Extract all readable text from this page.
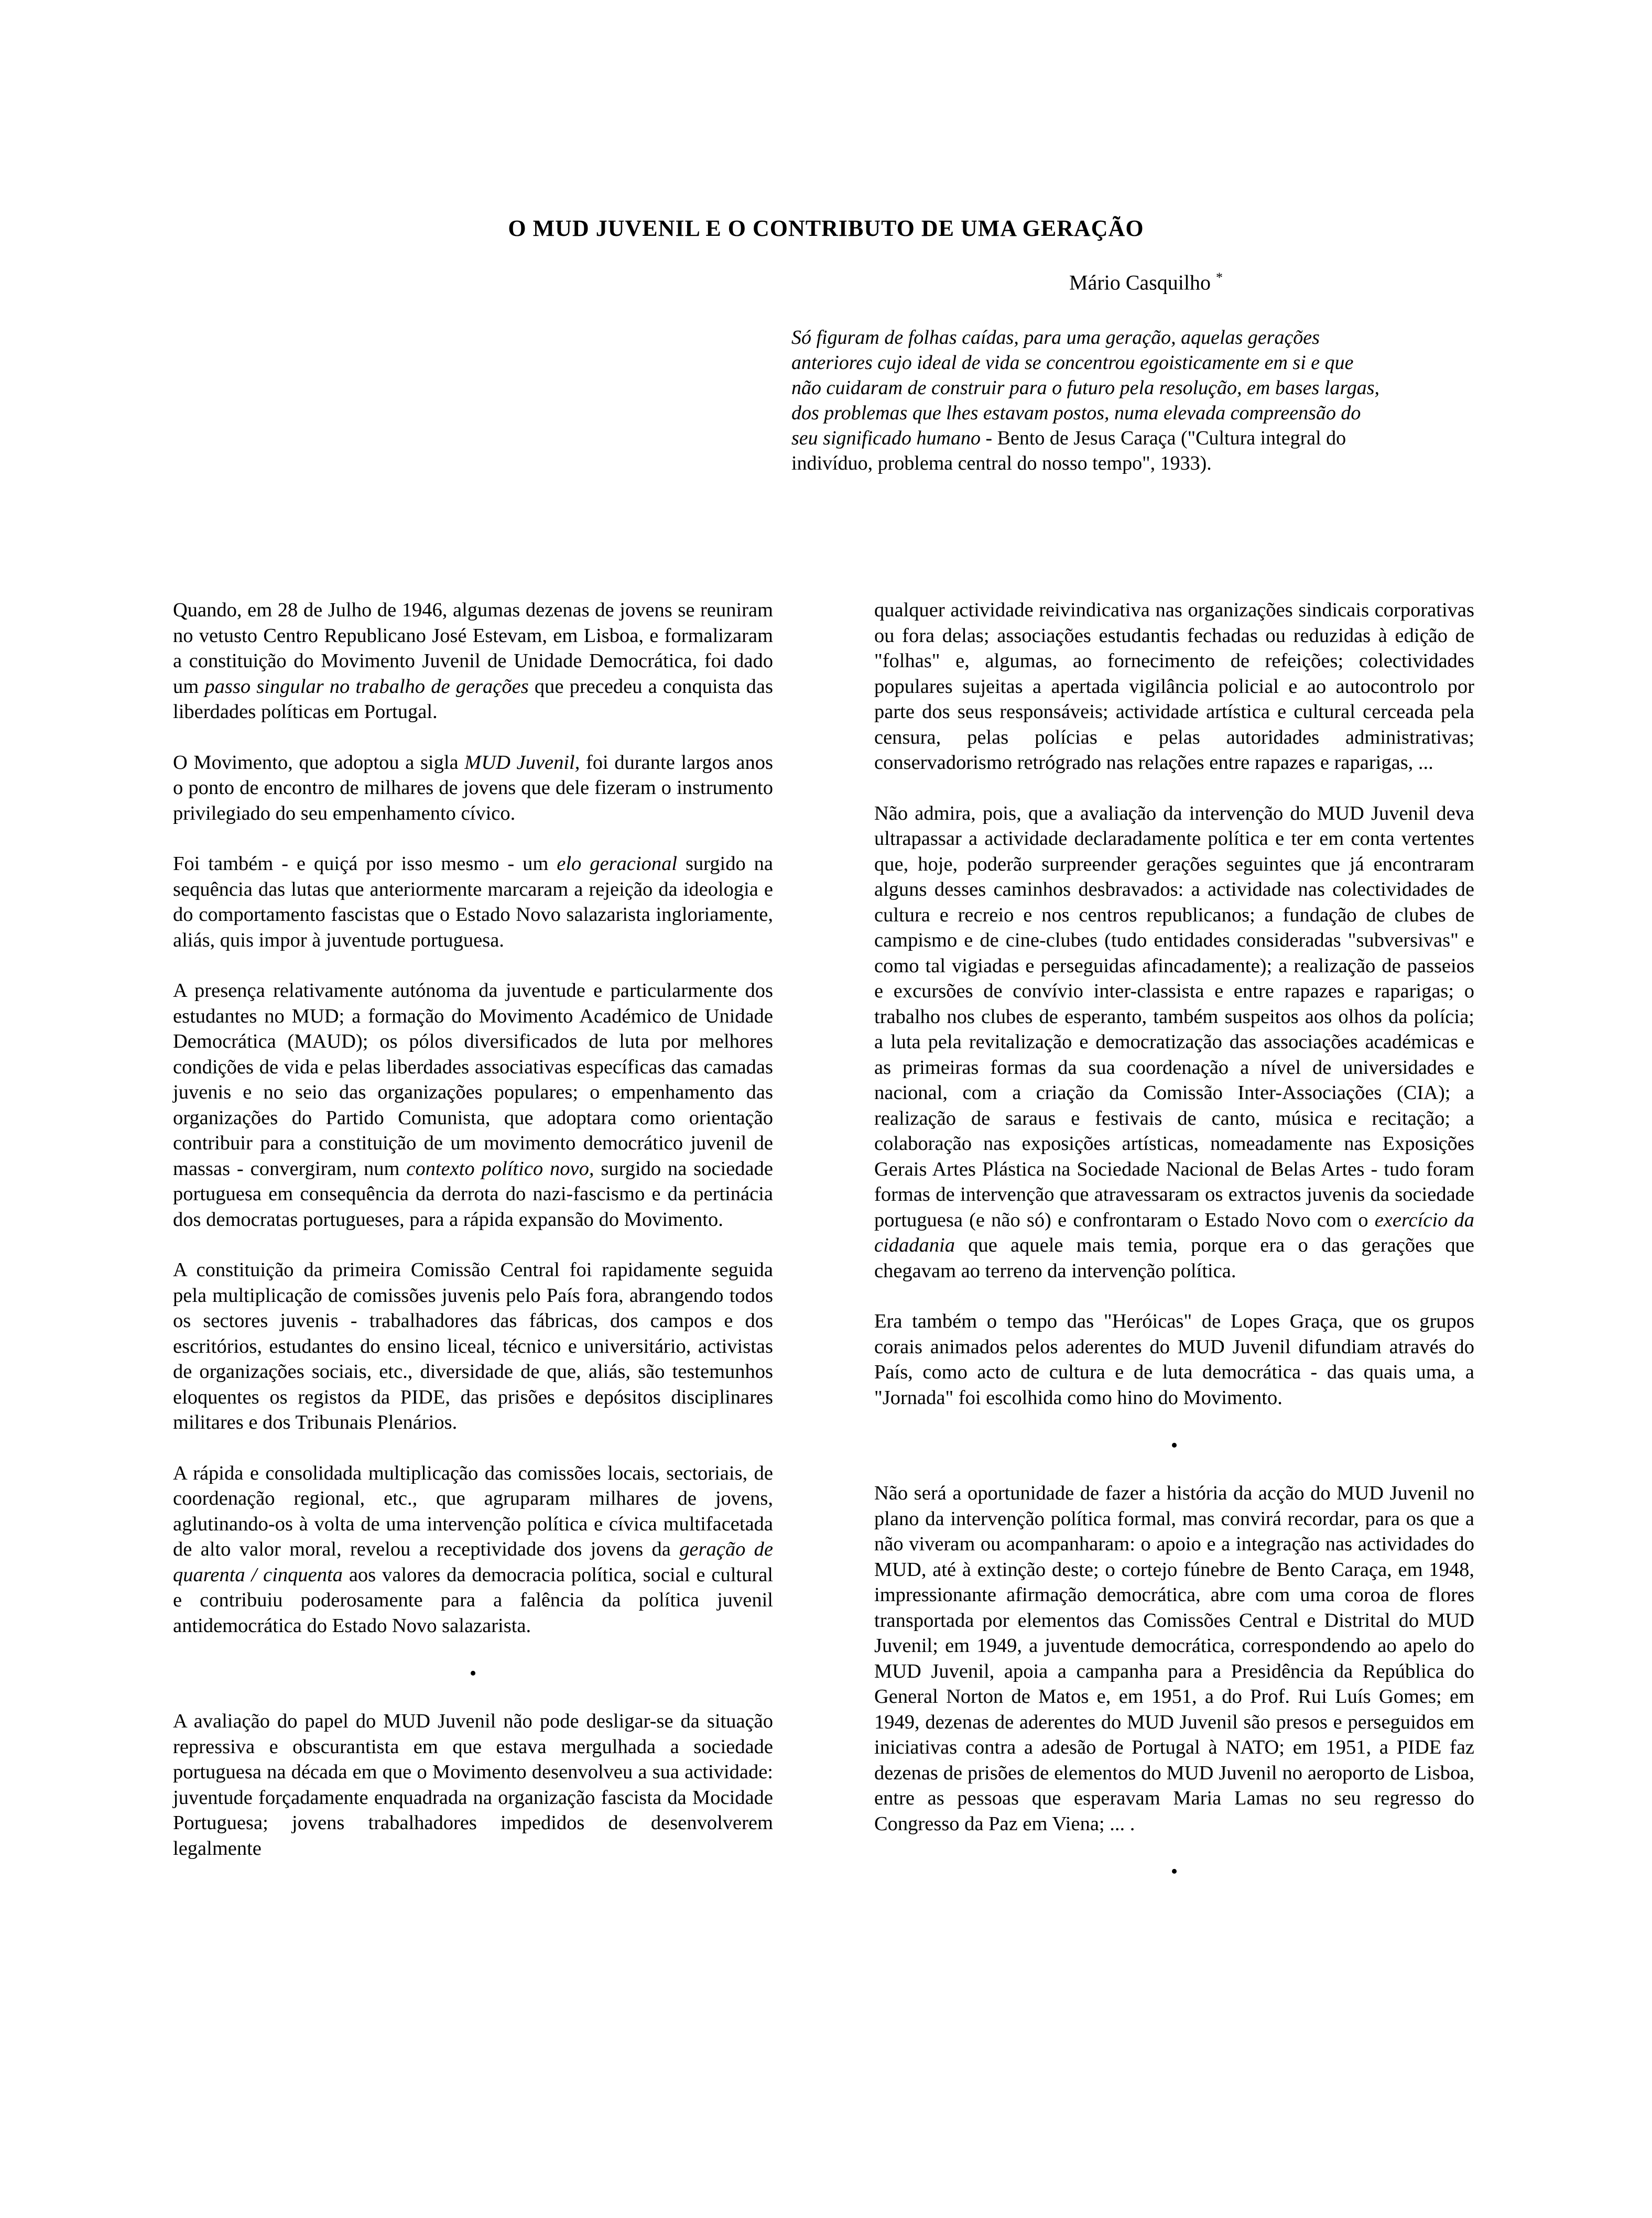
O MUD JUVENIL E O CONTRIBUTO DE UMA GERAÇÃO
Mário Casquilho *
Só figuram de folhas caídas, para uma geração, aquelas gerações anteriores cujo ideal de vida se concentrou egoisticamente em si e que não cuidaram de construir para o futuro pela resolução, em bases largas, dos problemas que lhes estavam postos, numa elevada compreensão do seu significado humano - Bento de Jesus Caraça ("Cultura integral do indivíduo, problema central do nosso tempo", 1933).

Quando, em 28 de Julho de 1946, algumas dezenas de jovens se reuniram no vetusto Centro Republicano José Estevam, em Lisboa, e formalizaram a constituição do Movimento Juvenil de Unidade Democrática, foi dado um passo singular no trabalho de gerações que precedeu a conquista das liberdades políticas em Portugal.

O Movimento, que adoptou a sigla MUD Juvenil, foi durante largos anos o ponto de encontro de milhares de jovens que dele fizeram o instrumento privilegiado do seu empenhamento cívico.

Foi também - e quiçá por isso mesmo - um elo geracional surgido na sequência das lutas que anteriormente marcaram a rejeição da ideologia e do comportamento fascistas que o Estado Novo salazarista ingloriamente, aliás, quis impor à juventude portuguesa.

A presença relativamente autónoma da juventude e particularmente dos estudantes no MUD; a formação do Movimento Académico de Unidade Democrática (MAUD); os pólos diversificados de luta por melhores condições de vida e pelas liberdades associativas específicas das camadas juvenis e no seio das organizações populares; o empenhamento das organizações do Partido Comunista, que adoptara como orientação contribuir para a constituição de um movimento democrático juvenil de massas - convergiram, num contexto político novo, surgido na sociedade portuguesa em consequência da derrota do nazi-fascismo e da pertinácia dos democratas portugueses, para a rápida expansão do Movimento.

A constituição da primeira Comissão Central foi rapidamente seguida pela multiplicação de comissões juvenis pelo País fora, abrangendo todos os sectores juvenis - trabalhadores das fábricas, dos campos e dos escritórios, estudantes do ensino liceal, técnico e universitário, activistas de organizações sociais, etc., diversidade de que, aliás, são testemunhos eloquentes os registos da PIDE, das prisões e depósitos disciplinares militares e dos Tribunais Plenários.

A rápida e consolidada multiplicação das comissões locais, sectoriais, de coordenação regional, etc., que agruparam milhares de jovens, aglutinando-os à volta de uma intervenção política e cívica multifacetada de alto valor moral, revelou a receptividade dos jovens da geração de quarenta / cinquenta aos valores da democracia política, social e cultural e contribuiu poderosamente para a falência da política juvenil antidemocrática do Estado Novo salazarista.

•

A avaliação do papel do MUD Juvenil não pode desligar-se da situação repressiva e obscurantista em que estava mergulhada a sociedade portuguesa na década em que o Movimento desenvolveu a sua actividade: juventude forçadamente enquadrada na organização fascista da Mocidade Portuguesa; jovens trabalhadores impedidos de desenvolverem legalmente

qualquer actividade reivindicativa nas organizações sindicais corporativas ou fora delas; associações estudantis fechadas ou reduzidas à edição de "folhas" e, algumas, ao fornecimento de refeições; colectividades populares sujeitas a apertada vigilância policial e ao autocontrolo por parte dos seus responsáveis; actividade artística e cultural cerceada pela censura, pelas polícias e pelas autoridades administrativas; conservadorismo retrógrado nas relações entre rapazes e raparigas, ...

Não admira, pois, que a avaliação da intervenção do MUD Juvenil deva ultrapassar a actividade declaradamente política e ter em conta vertentes que, hoje, poderão surpreender gerações seguintes que já encontraram alguns desses caminhos desbravados: a actividade nas colectividades de cultura e recreio e nos centros republicanos; a fundação de clubes de campismo e de cine-clubes (tudo entidades consideradas "subversivas" e como tal vigiadas e perseguidas afincadamente); a realização de passeios e excursões de convívio inter-classista e entre rapazes e raparigas; o trabalho nos clubes de esperanto, também suspeitos aos olhos da polícia; a luta pela revitalização e democratização das associações académicas e as primeiras formas da sua coordenação a nível de universidades e nacional, com a criação da Comissão Inter-Associações (CIA); a realização de saraus e festivais de canto, música e recitação; a colaboração nas exposições artísticas, nomeadamente nas Exposições Gerais Artes Plástica na Sociedade Nacional de Belas Artes - tudo foram formas de intervenção que atravessaram os extractos juvenis da sociedade portuguesa (e não só) e confrontaram o Estado Novo com o exercício da cidadania que aquele mais temia, porque era o das gerações que chegavam ao terreno da intervenção política.

Era também o tempo das "Heróicas" de Lopes Graça, que os grupos corais animados pelos aderentes do MUD Juvenil difundiam através do País, como acto de cultura e de luta democrática - das quais uma, a "Jornada" foi escolhida como hino do Movimento.

•

Não será a oportunidade de fazer a história da acção do MUD Juvenil no plano da intervenção política formal, mas convirá recordar, para os que a não viveram ou acompanharam: o apoio e a integração nas actividades do MUD, até à extinção deste; o cortejo fúnebre de Bento Caraça, em 1948, impressionante afirmação democrática, abre com uma coroa de flores transportada por elementos das Comissões Central e Distrital do MUD Juvenil; em 1949, a juventude democrática, correspondendo ao apelo do MUD Juvenil, apoia a campanha para a Presidência da República do General Norton de Matos e, em 1951, a do Prof. Rui Luís Gomes; em 1949, dezenas de aderentes do MUD Juvenil são presos e perseguidos em iniciativas contra a adesão de Portugal à NATO; em 1951, a PIDE faz dezenas de prisões de elementos do MUD Juvenil no aeroporto de Lisboa, entre as pessoas que esperavam Maria Lamas no seu regresso do Congresso da Paz em Viena; ... .

•
